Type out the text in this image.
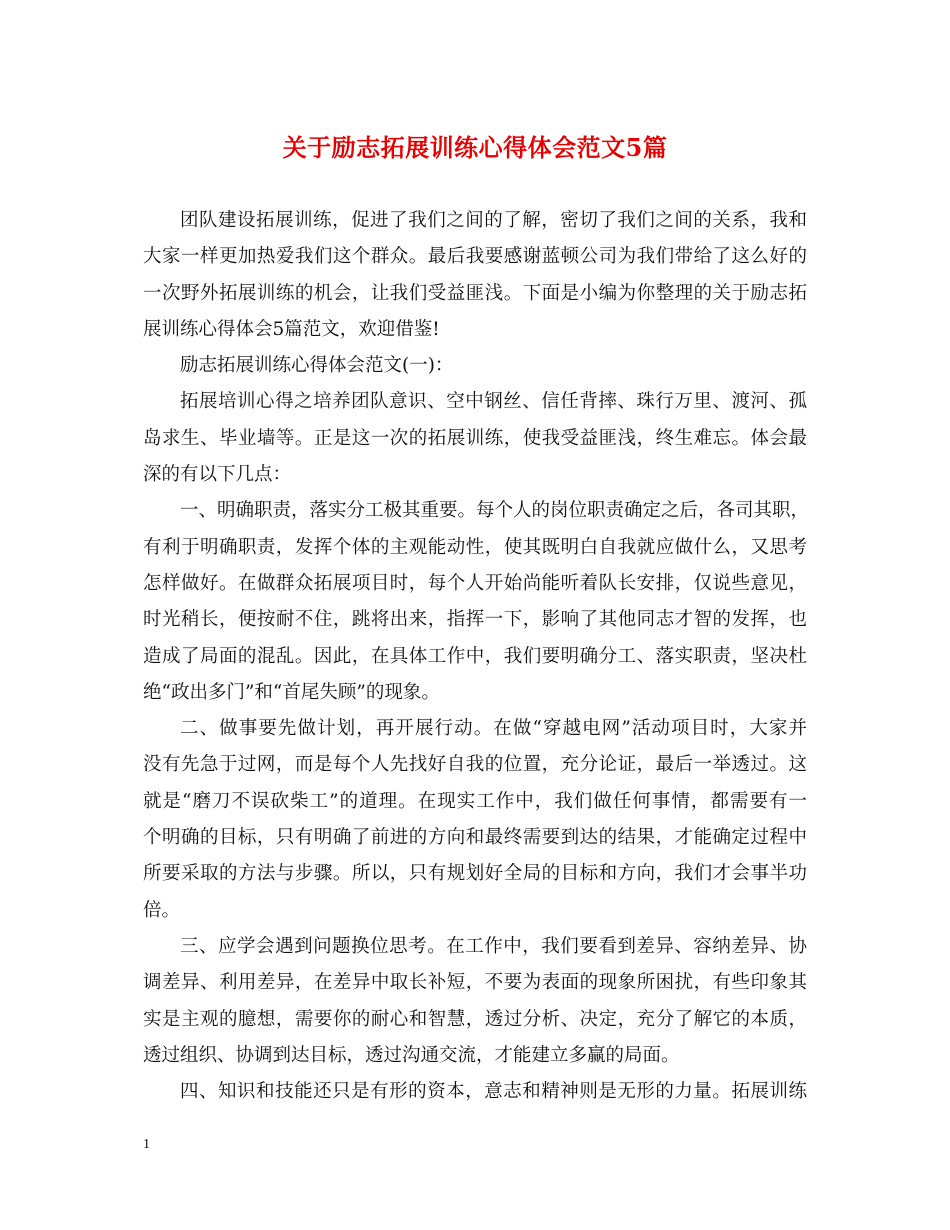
关于励志拓展训练心得体会范文5篇
团队建设拓展训练，促进了我们之间的了解，密切了我们之间的关系，我和
大家一样更加热爱我们这个群众。最后我要感谢蓝顿公司为我们带给了这么好的
一次野外拓展训练的机会，让我们受益匪浅。下面是小编为你整理的关于励志拓
展训练心得体会5篇范文，欢迎借鉴!
励志拓展训练心得体会范文(一)：
拓展培训心得之培养团队意识、空中钢丝、信任背摔、珠行万里、渡河、孤
岛求生、毕业墙等。正是这一次的拓展训练，使我受益匪浅，终生难忘。体会最
深的有以下几点：
一、明确职责，落实分工极其重要。每个人的岗位职责确定之后，各司其职，
有利于明确职责，发挥个体的主观能动性，使其既明白自我就应做什么，又思考
怎样做好。在做群众拓展项目时，每个人开始尚能听着队长安排，仅说些意见，
时光稍长，便按耐不住，跳将出来，指挥一下，影响了其他同志才智的发挥，也
造成了局面的混乱。因此，在具体工作中，我们要明确分工、落实职责，坚决杜
绝“政出多门”和“首尾失顾”的现象。
二、做事要先做计划，再开展行动。在做“穿越电网”活动项目时，大家并
没有先急于过网，而是每个人先找好自我的位置，充分论证，最后一举透过。这
就是“磨刀不误砍柴工”的道理。在现实工作中，我们做任何事情，都需要有一
个明确的目标，只有明确了前进的方向和最终需要到达的结果，才能确定过程中
所要采取的方法与步骤。所以，只有规划好全局的目标和方向，我们才会事半功
倍。
三、应学会遇到问题换位思考。在工作中，我们要看到差异、容纳差异、协
调差异、利用差异，在差异中取长补短，不要为表面的现象所困扰，有些印象其
实是主观的臆想，需要你的耐心和智慧，透过分析、决定，充分了解它的本质，
透过组织、协调到达目标，透过沟通交流，才能建立多赢的局面。
四、知识和技能还只是有形的资本，意志和精神则是无形的力量。拓展训练
1
